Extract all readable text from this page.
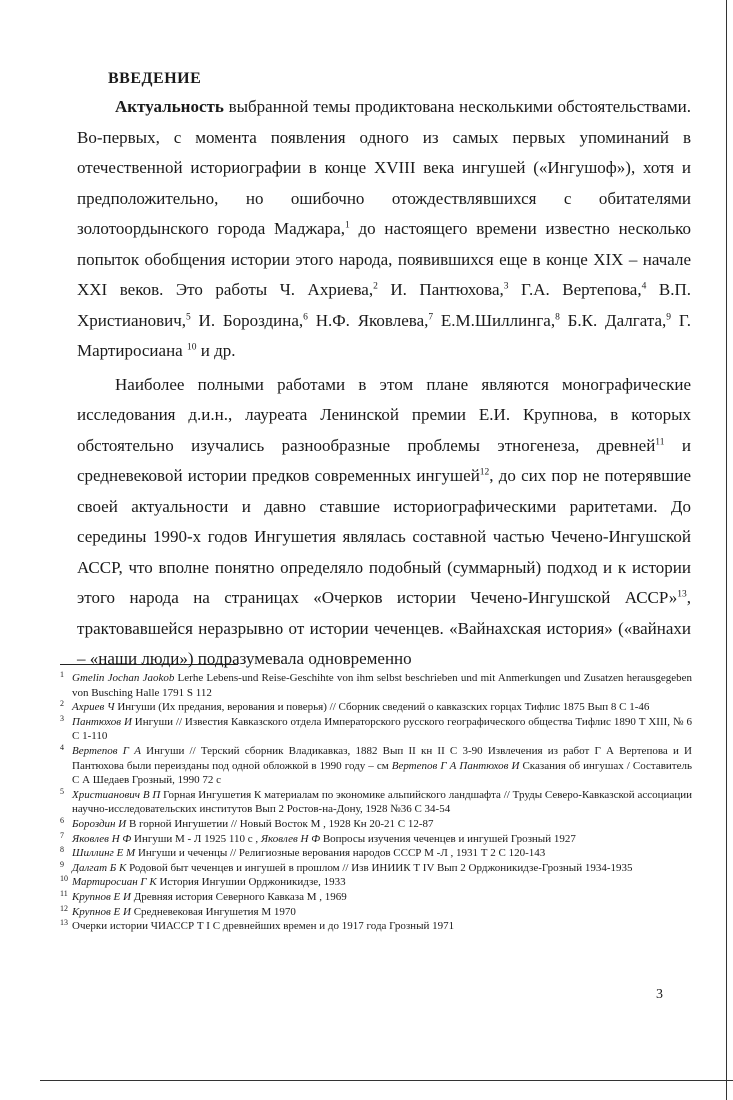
ВВЕДЕНИЕ

Актуальность выбранной темы продиктована несколькими обстоятельствами. Во-первых, с момента появления одного из самых первых упоминаний в отечественной историографии в конце XVIII века ингушей («Ингушоф»), хотя и предположительно, но ошибочно отождествлявшихся с обитателями золотоордынского города Маджара,$^1$ до настоящего времени известно несколько попыток обобщения истории этого народа, появившихся еще в конце XIX – начале XXI веков. Это работы Ч. Ахриева,$^2$ И. Пантюхова,$^3$ Г.А. Вертепова,$^4$ В.П. Христианович,$^5$ И. Бороздина,$^6$ Н.Ф. Яковлева,$^7$ Е.М.Шиллинга,$^8$ Б.К. Далгата,$^9$ Г. Мартиросиана $^{10}$ и др.

Наиболее полными работами в этом плане являются монографические исследования д.и.н., лауреата Ленинской премии Е.И. Крупнова, в которых обстоятельно изучались разнообразные проблемы этногенеза, древней$^{11}$ и средневековой истории предков современных ингушей$^{12}$, до сих пор не потерявшие своей актуальности и давно ставшие историографическими раритетами. До середины 1990-х годов Ингушетия являлась составной частью Чечено-Ингушской АССР, что вполне понятно определяло подобный (суммарный) подход и к истории этого народа на страницах «Очерков истории Чечено-Ингушской АССР»$^{13}$, трактовавшейся неразрывно от истории чеченцев. «Вайнахская история» («вайнахи – «наши люди») подразумевала одновременно

1 Gmelin Jochan Jaokob Lerhe Lebens-und Reise-Geschihte von ihm selbst beschrieben und mit Anmerkungen und Zusatzen herausgegeben von Busching Halle 1791 S 112
2 Ахриев Ч Ингуши (Их предания, верования и поверья) // Сборник сведений о кавказских горцах Тифлис 1875 Вып 8 С 1-46
3 Пантюхов И Ингуши // Известия Кавказского отдела Императорского русского географического общества Тифлис 1890 Т XIII, № 6 С 1-110
4 Вертепов Г А Ингуши // Терский сборник Владикавказ, 1882 Вып II кн II С 3-90 Извлечения из работ Г А Вертепова и И Пантюхова были переизданы под одной обложкой в 1990 году – см Вертепов Г А Пантюхов И Сказания об ингушах / Составитель С А Шедаев Грозный, 1990 72 с
5 Христианович В П Горная Ингушетия К материалам по экономике альпийского ландшафта // Труды Северо-Кавказской ассоциации научно-исследовательских институтов Вып 2 Ростов-на-Дону, 1928 №36 С 34-54
6 Бороздин И В горной Ингушетии // Новый Восток М , 1928 Кн 20-21 С 12-87
7 Яковлев Н Ф Ингуши М - Л 1925 110 с , Яковлев Н Ф Вопросы изучения чеченцев и ингушей Грозный 1927
8 Шиллинг Е М Ингуши и чеченцы // Религиозные верования народов СССР М -Л , 1931 Т 2 С 120-143
9 Далгат Б К Родовой быт чеченцев и ингушей в прошлом // Изв ИНИИК Т IV Вып 2 Орджоникидзе-Грозный 1934-1935
10 Мартиросиан Г К История Ингушии Орджоникидзе, 1933
11 Крупнов Е И Древняя история Северного Кавказа М , 1969
12 Крупнов Е И Средневековая Ингушетия М 1970
13 Очерки истории ЧИАССР Т I С древнейших времен и до 1917 года Грозный 1971
3
